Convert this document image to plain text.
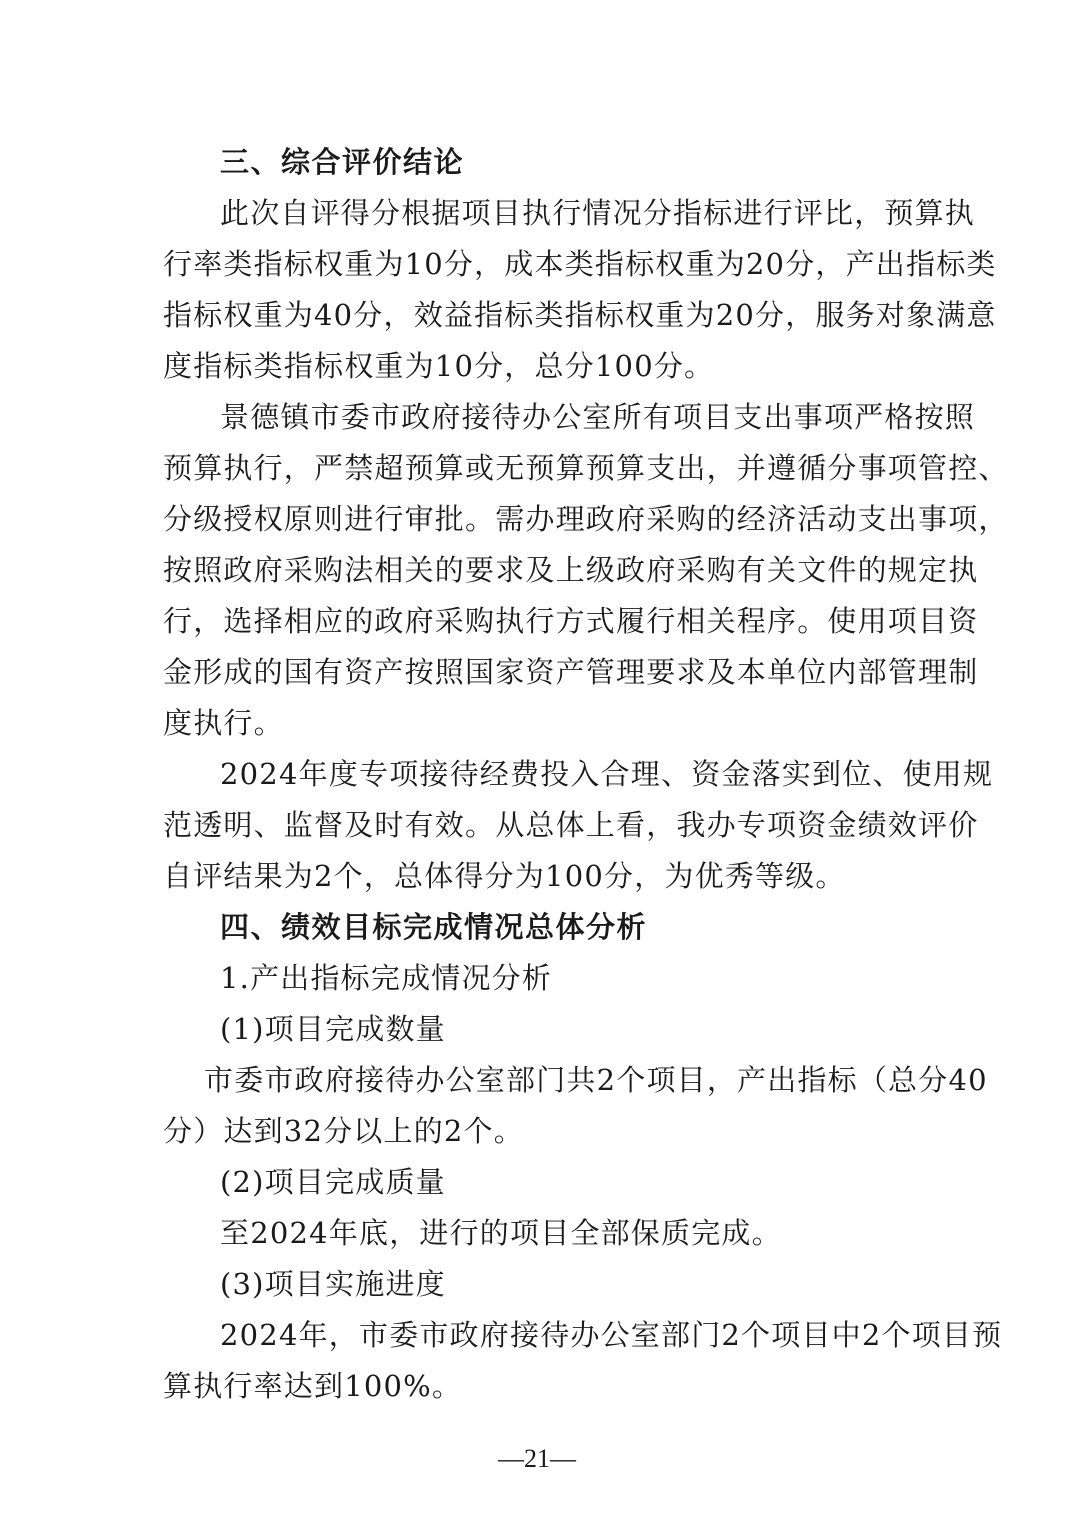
三、综合评价结论
此次自评得分根据项目执行情况分指标进行评比，预算执
行率类指标权重为10分，成本类指标权重为20分，产出指标类
指标权重为40分，效益指标类指标权重为20分，服务对象满意
度指标类指标权重为10分，总分100分。
景德镇市委市政府接待办公室所有项目支出事项严格按照
预算执行，严禁超预算或无预算预算支出，并遵循分事项管控、
分级授权原则进行审批。需办理政府采购的经济活动支出事项，
按照政府采购法相关的要求及上级政府采购有关文件的规定执
行，选择相应的政府采购执行方式履行相关程序。使用项目资
金形成的国有资产按照国家资产管理要求及本单位内部管理制
度执行。
2024年度专项接待经费投入合理、资金落实到位、使用规
范透明、监督及时有效。从总体上看，我办专项资金绩效评价
自评结果为2个，总体得分为100分，为优秀等级。
四、绩效目标完成情况总体分析
1.产出指标完成情况分析
(1)项目完成数量
市委市政府接待办公室部门共2个项目，产出指标（总分40
分）达到32分以上的2个。
(2)项目完成质量
至2024年底，进行的项目全部保质完成。
(3)项目实施进度
2024年，市委市政府接待办公室部门2个项目中2个项目预
算执行率达到100%。
—21—
